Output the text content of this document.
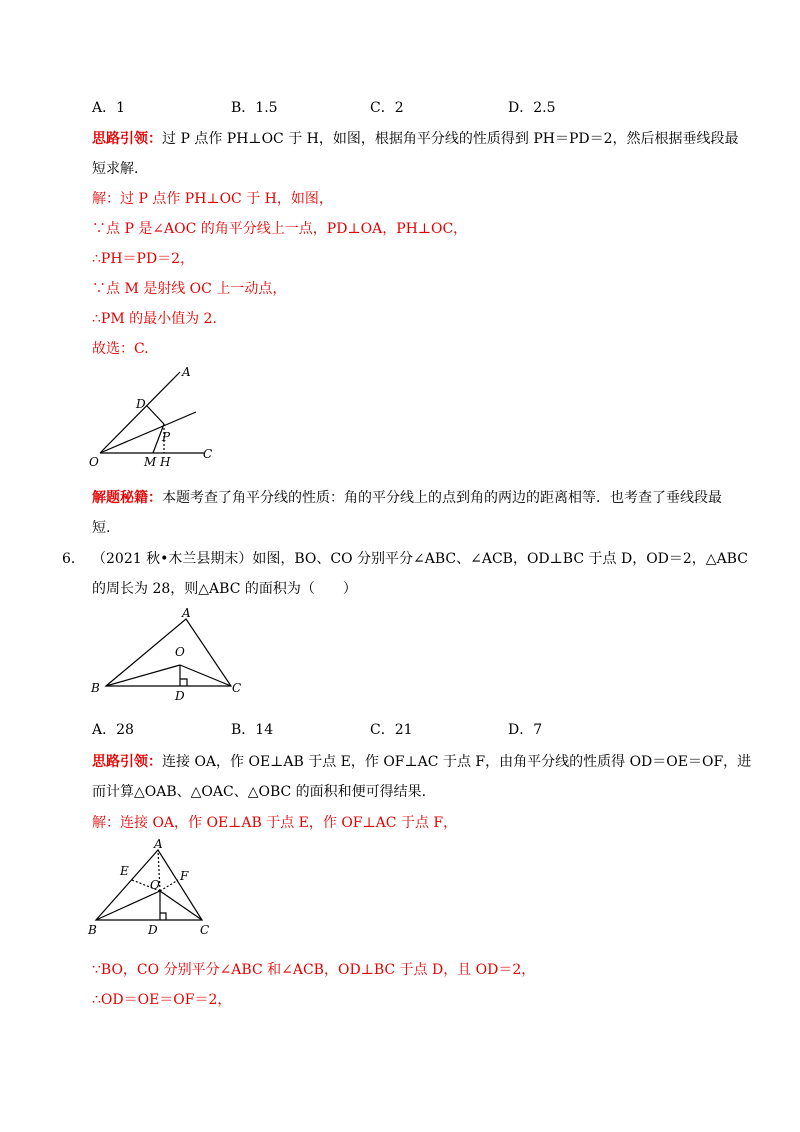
A．1	B．1.5	C．2	D．2.5
思路引领：过 P 点作 PH⊥OC 于 H，如图，根据角平分线的性质得到 PH＝PD＝2，然后根据垂线段最
短求解.
解：过 P 点作 PH⊥OC 于 H，如图，
∵点 P 是∠AOC 的角平分线上一点，PD⊥OA，PH⊥OC，
∴PH＝PD＝2，
∵点 M 是射线 OC 上一动点，
∴PM 的最小值为 2.
故选：C.
A
D
P
O	M H
C
解题秘籍：本题考查了角平分线的性质：角的平分线上的点到角的两边的距离相等．也考查了垂线段最
短.
6． （2021 秋•木兰县期末）如图，BO、CO 分别平分∠ABC、∠ACB，OD⊥BC 于点 D，OD＝2，△ABC
的周长为 28，则△ABC 的面积为（　　）
A
O
B
D
C
A．28	B．14	C．21	D．7
思路引领：连接 OA，作 OE⊥AB 于点 E，作 OF⊥AC 于点 F，由角平分线的性质得 OD＝OE＝OF，进
而计算△OAB、△OAC、△OBC 的面积和便可得结果.
解：连接 OA，作 OE⊥AB 于点 E，作 OF⊥AC 于点 F，
A
E	F
O
B	D	C
∵BO，CO 分别平分∠ABC 和∠ACB，OD⊥BC 于点 D，且 OD＝2，
∴OD＝OE＝OF＝2，
